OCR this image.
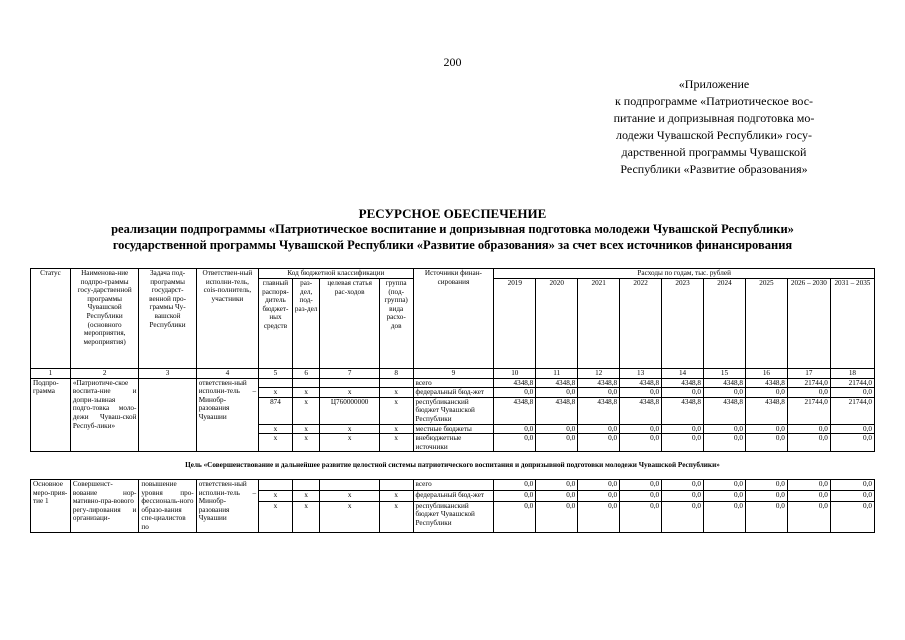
200
«Приложение
к подпрограмме «Патриотическое вос-
питание и допризывная подготовка мо-
лодежи Чувашской Республики» госу-
дарственной программы Чувашской
Республики «Развитие образования»
РЕСУРСНОЕ ОБЕСПЕЧЕНИЕ
реализации подпрограммы «Патриотическое воспитание и допризывная подготовка молодежи Чувашской Республики»
государственной программы Чувашской Республики «Развитие образования» за счет всех источников финансирования
Статус	Наименова-ние подпро-граммы госу-дарственной программы Чувашской Республики (основного мероприятия, мероприятия)	Задача под-программы государст-венной про-граммы Чу-вашской Республики	Ответствен-ный исполни-тель, сois-полнитель, участники	Код бюджетной классификации				Источники финан-сирования	Расходы по годам, тыс. рублей								
				главный распоря-дитель бюджет-ных средств	раз-дел, под-раз-дел	целевая статья рас-ходов	группа (под-группа) вида расхо-дов		2019	2020	2021	2022	2023	2024	2025	2026 – 2030	2031 – 2035
1	2	3	4	5	6	7	8	9	10	11	12	13	14	15	16	17	18
Подпро-грамма	«Патриотиче-ское воспита-ние и допри-зывная подго-товка моло-дежи Чуваш-ской Респуб-лики»		ответствен-ный исполни-тель – Минобр-разования Чувашии					всего	4348,8	4348,8	4348,8	4348,8	4348,8	4348,8	4348,8	21744,0	21744,0
				x	x	x	x	федеральный бюд-жет	0,0	0,0	0,0	0,0	0,0	0,0	0,0	0,0	0,0
				874	x	Ц760000000	x	республиканский бюджет Чувашской Республики	4348,8	4348,8	4348,8	4348,8	4348,8	4348,8	4348,8	21744,0	21744,0
				x	x	x	x	местные бюджеты	0,0	0,0	0,0	0,0	0,0	0,0	0,0	0,0	0,0
				x	x	x	x	внебюджетные источники	0,0	0,0	0,0	0,0	0,0	0,0	0,0	0,0	0,0
Цель «Совершенствование и дальнейшее развитие целостной системы патриотического воспитания и допризывной подготовки молодежи Чувашской Республики»																	
Основное меро-прия-тие 1	Совершенст-вование нор-мативно-пра-вового регу-лирования и организаци-	повышение уровня про-фессиональ-ного образо-вания спе-циалистов по	ответствен-ный исполни-тель – Минобр-разования Чувашии					всего	0,0	0,0	0,0	0,0	0,0	0,0	0,0	0,0	0,0
				x	x	x	x	федеральный бюд-жет	0,0	0,0	0,0	0,0	0,0	0,0	0,0	0,0	0,0
				x	x	x	x	республиканский бюджет Чувашской Республики	0,0	0,0	0,0	0,0	0,0	0,0	0,0	0,0	0,0
